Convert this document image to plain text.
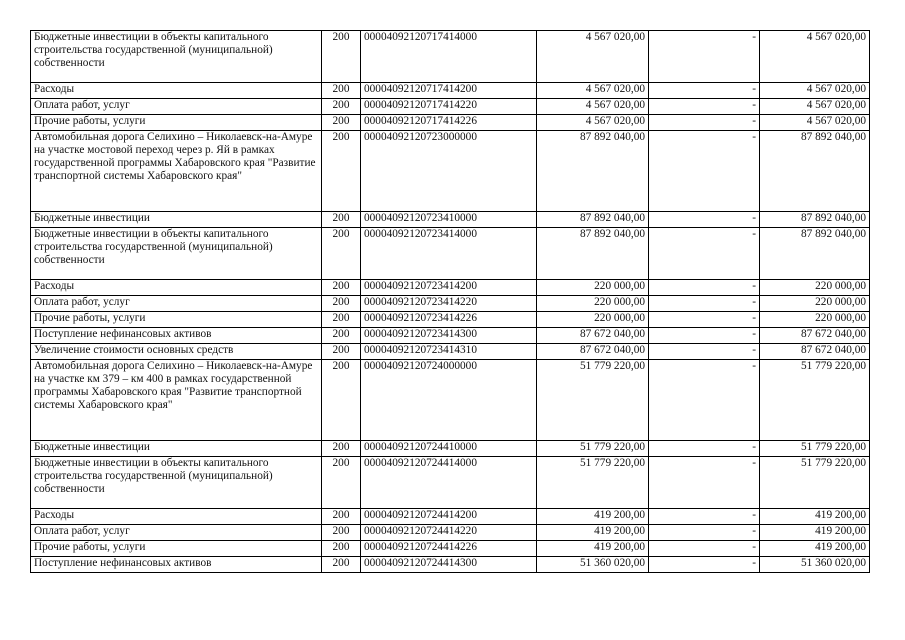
Бюджетные инвестиции в объекты капитального строительства государственной (муниципальной) собственности	200	00004092120717414000	4 567 020,00	-	4 567 020,00
Расходы	200	00004092120717414200	4 567 020,00	-	4 567 020,00
Оплата работ, услуг	200	00004092120717414220	4 567 020,00	-	4 567 020,00
Прочие работы, услуги	200	00004092120717414226	4 567 020,00	-	4 567 020,00
Автомобильная дорога Селихино – Николаевск-на-Амуре на участке мостовой переход через р. Яй в рамках государственной программы Хабаровского края "Развитие транспортной системы Хабаровского края"	200	00004092120723000000	87 892 040,00	-	87 892 040,00
Бюджетные инвестиции	200	00004092120723410000	87 892 040,00	-	87 892 040,00
Бюджетные инвестиции в объекты капитального строительства государственной (муниципальной) собственности	200	00004092120723414000	87 892 040,00	-	87 892 040,00
Расходы	200	00004092120723414200	220 000,00	-	220 000,00
Оплата работ, услуг	200	00004092120723414220	220 000,00	-	220 000,00
Прочие работы, услуги	200	00004092120723414226	220 000,00	-	220 000,00
Поступление нефинансовых активов	200	00004092120723414300	87 672 040,00	-	87 672 040,00
Увеличение стоимости основных средств	200	00004092120723414310	87 672 040,00	-	87 672 040,00
Автомобильная дорога Селихино – Николаевск-на-Амуре на участке км 379 – км 400 в рамках государственной программы Хабаровского края "Развитие транспортной системы Хабаровского края"	200	00004092120724000000	51 779 220,00	-	51 779 220,00
Бюджетные инвестиции	200	00004092120724410000	51 779 220,00	-	51 779 220,00
Бюджетные инвестиции в объекты капитального строительства государственной (муниципальной) собственности	200	00004092120724414000	51 779 220,00	-	51 779 220,00
Расходы	200	00004092120724414200	419 200,00	-	419 200,00
Оплата работ, услуг	200	00004092120724414220	419 200,00	-	419 200,00
Прочие работы, услуги	200	00004092120724414226	419 200,00	-	419 200,00
Поступление нефинансовых активов	200	00004092120724414300	51 360 020,00	-	51 360 020,00
